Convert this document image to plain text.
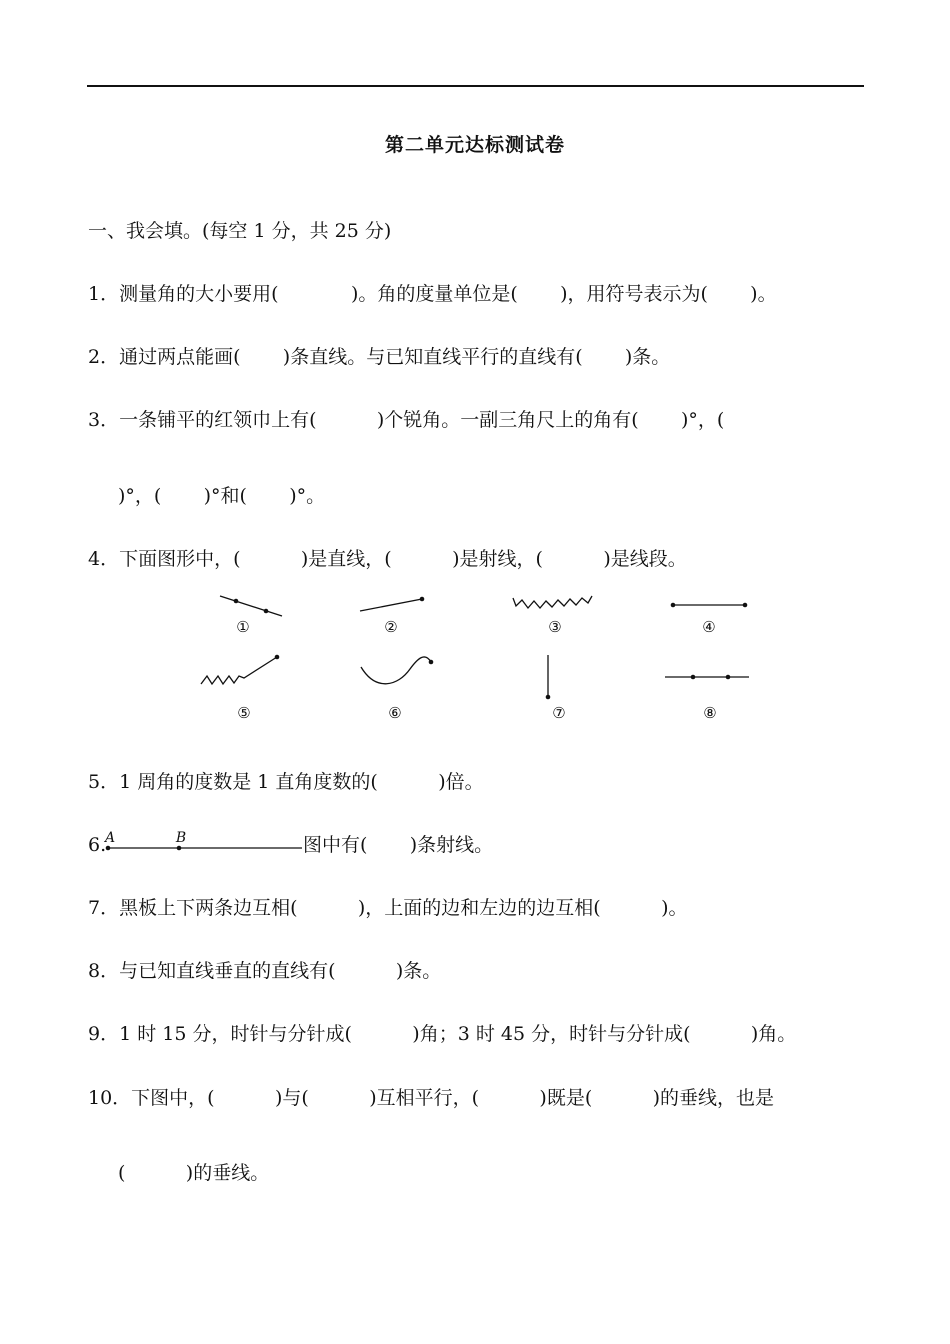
第二单元达标测试卷
一、我会填。(每空 1 分，共 25 分)
1．测量角的大小要用(            )。角的度量单位是(       )，用符号表示为(       )。
2．通过两点能画(       )条直线。与已知直线平行的直线有(       )条。
3．一条铺平的红领巾上有(          )个锐角。一副三角尺上的角有(       )°，(
)°，(       )°和(       )°。
4．下面图形中，(          )是直线，(          )是射线，(          )是线段。
①	②	③	④
⑤	⑥	⑦	⑧
A	B
5．1 周角的度数是 1 直角度数的(          )倍。
6.	图中有(       )条射线。
7．黑板上下两条边互相(          )，上面的边和左边的边互相(          )。
8．与已知直线垂直的直线有(          )条。
9．1 时 15 分，时针与分针成(          )角；3 时 45 分，时针与分针成(          )角。
10．下图中，(          )与(          )互相平行，(          )既是(          )的垂线，也是
(          )的垂线。
